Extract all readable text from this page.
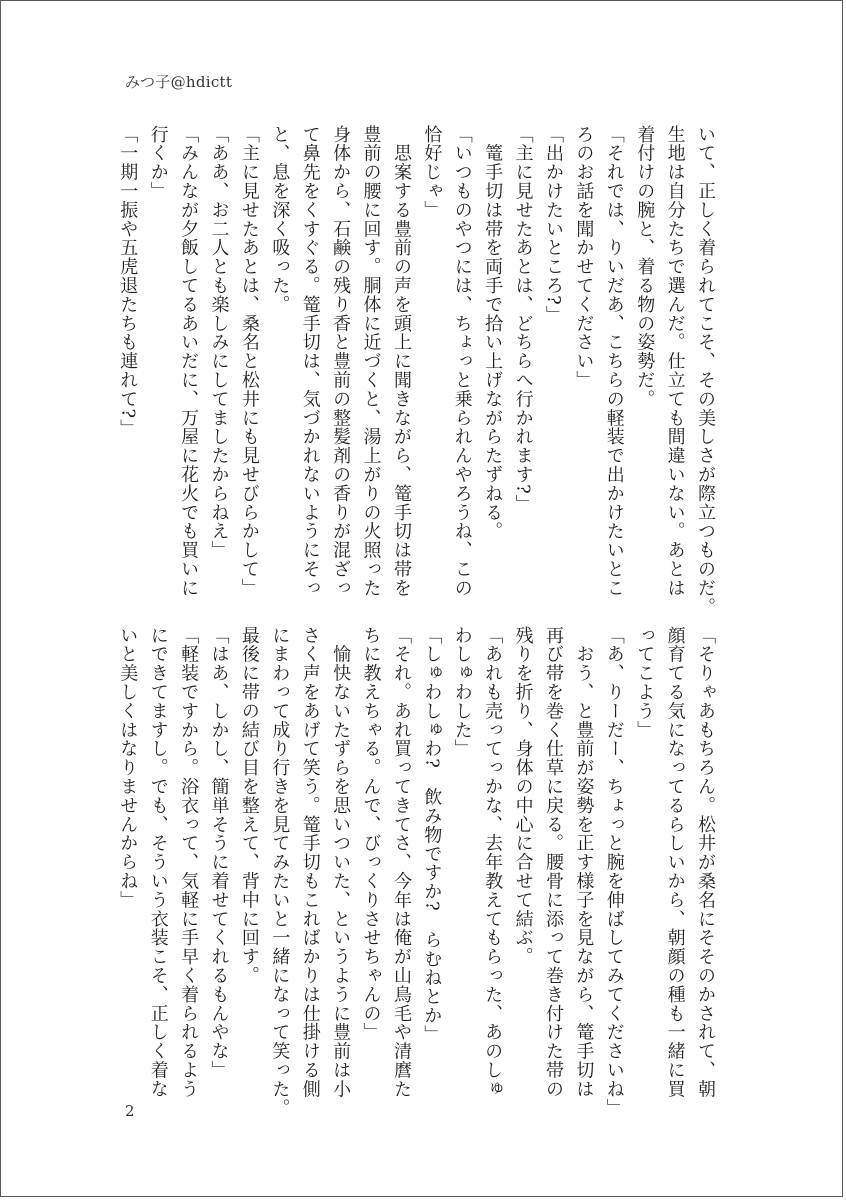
みつ子@hdictt
いて、正しく着られてこそ、その美しさが際立つものだ。
生地は自分たちで選んだ。仕立ても間違いない。あとは
着付けの腕と、着る物の姿勢だ。
「それでは、りいだあ、こちらの軽装で出かけたいとこ
ろのお話を聞かせてください」
「出かけたいところ?」
「主に見せたあとは、どちらへ行かれます?」
　篭手切は帯を両手で拾い上げながらたずねる。
「いつものやつには、ちょっと乗られんやろうね、この
恰好じゃ」
　思案する豊前の声を頭上に聞きながら、篭手切は帯を
豊前の腰に回す。胴体に近づくと、湯上がりの火照った
身体から、石鹸の残り香と豊前の整髪剤の香りが混ざっ
て鼻先をくすぐる。篭手切は、気づかれないようにそっ
と、息を深く吸った。
「主に見せたあとは、桑名と松井にも見せびらかして」
「ああ、お二人とも楽しみにしてましたからねえ」
「みんなが夕飯してるあいだに、万屋に花火でも買いに
行くか」
「一期一振や五虎退たちも連れて?」
「そりゃあもちろん。松井が桑名にそそのかされて、朝
顔育てる気になってるらしいから、朝顔の種も一緒に買
ってこよう」
「あ、りーだー、ちょっと腕を伸ばしてみてくださいね」
　おう、と豊前が姿勢を正す様子を見ながら、篭手切は
再び帯を巻く仕草に戻る。腰骨に添って巻き付けた帯の
残りを折り、身体の中心に合せて結ぶ。
「あれも売ってっかな、去年教えてもらった、あのしゅ
わしゅわした」
「しゅわしゅわ?　飲み物ですか?　らむねとか」
「それ。あれ買ってきてさ、今年は俺が山鳥毛や清麿た
ちに教えちゃる。んで、びっくりさせちゃんの」
　愉快ないたずらを思いついた、というように豊前は小
さく声をあげて笑う。篭手切もこればかりは仕掛ける側
にまわって成り行きを見てみたいと一緒になって笑った。
最後に帯の結び目を整えて、背中に回す。
「はあ、しかし、簡単そうに着せてくれるもんやな」
「軽装ですから。浴衣って、気軽に手早く着られるよう
にできてますし。でも、そういう衣装こそ、正しく着な
いと美しくはなりませんからね」
2
